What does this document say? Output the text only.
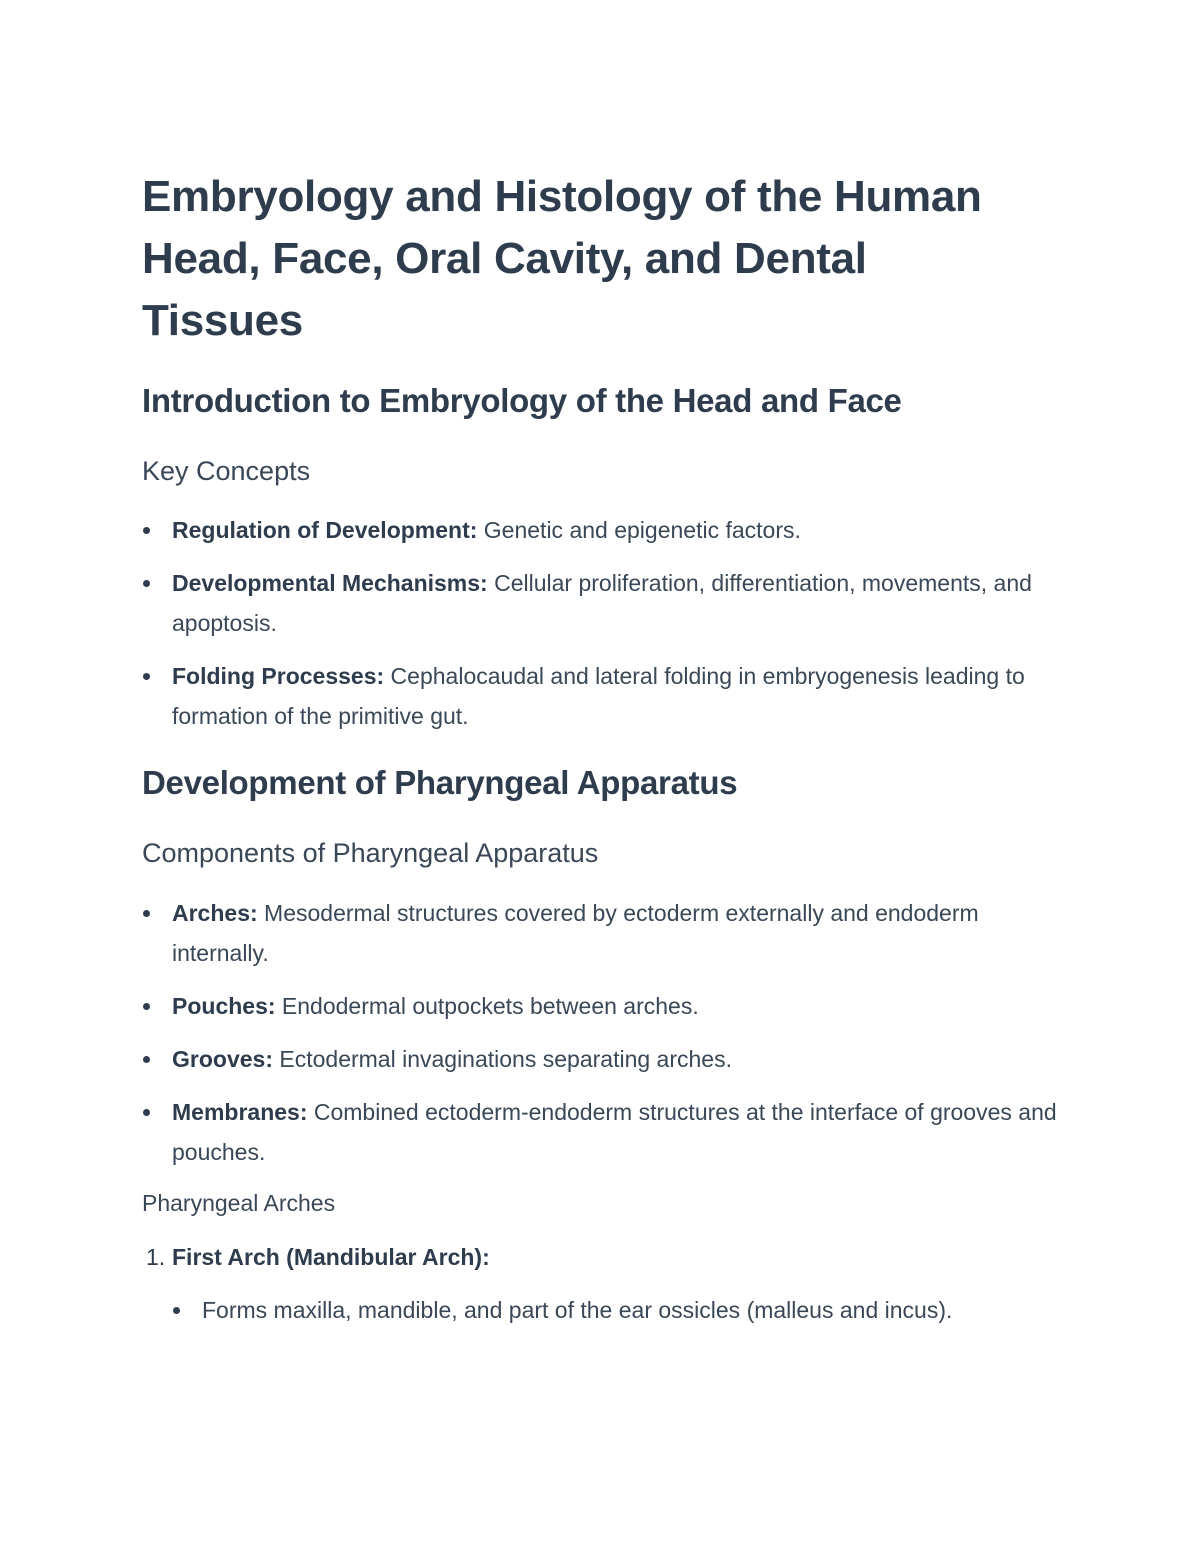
Embryology and Histology of the Human Head, Face, Oral Cavity, and Dental Tissues
Introduction to Embryology of the Head and Face
Key Concepts
Regulation of Development: Genetic and epigenetic factors.
Developmental Mechanisms: Cellular proliferation, differentiation, movements, and apoptosis.
Folding Processes: Cephalocaudal and lateral folding in embryogenesis leading to formation of the primitive gut.
Development of Pharyngeal Apparatus
Components of Pharyngeal Apparatus
Arches: Mesodermal structures covered by ectoderm externally and endoderm internally.
Pouches: Endodermal outpockets between arches.
Grooves: Ectodermal invaginations separating arches.
Membranes: Combined ectoderm-endoderm structures at the interface of grooves and pouches.
Pharyngeal Arches
1. First Arch (Mandibular Arch):
Forms maxilla, mandible, and part of the ear ossicles (malleus and incus).
